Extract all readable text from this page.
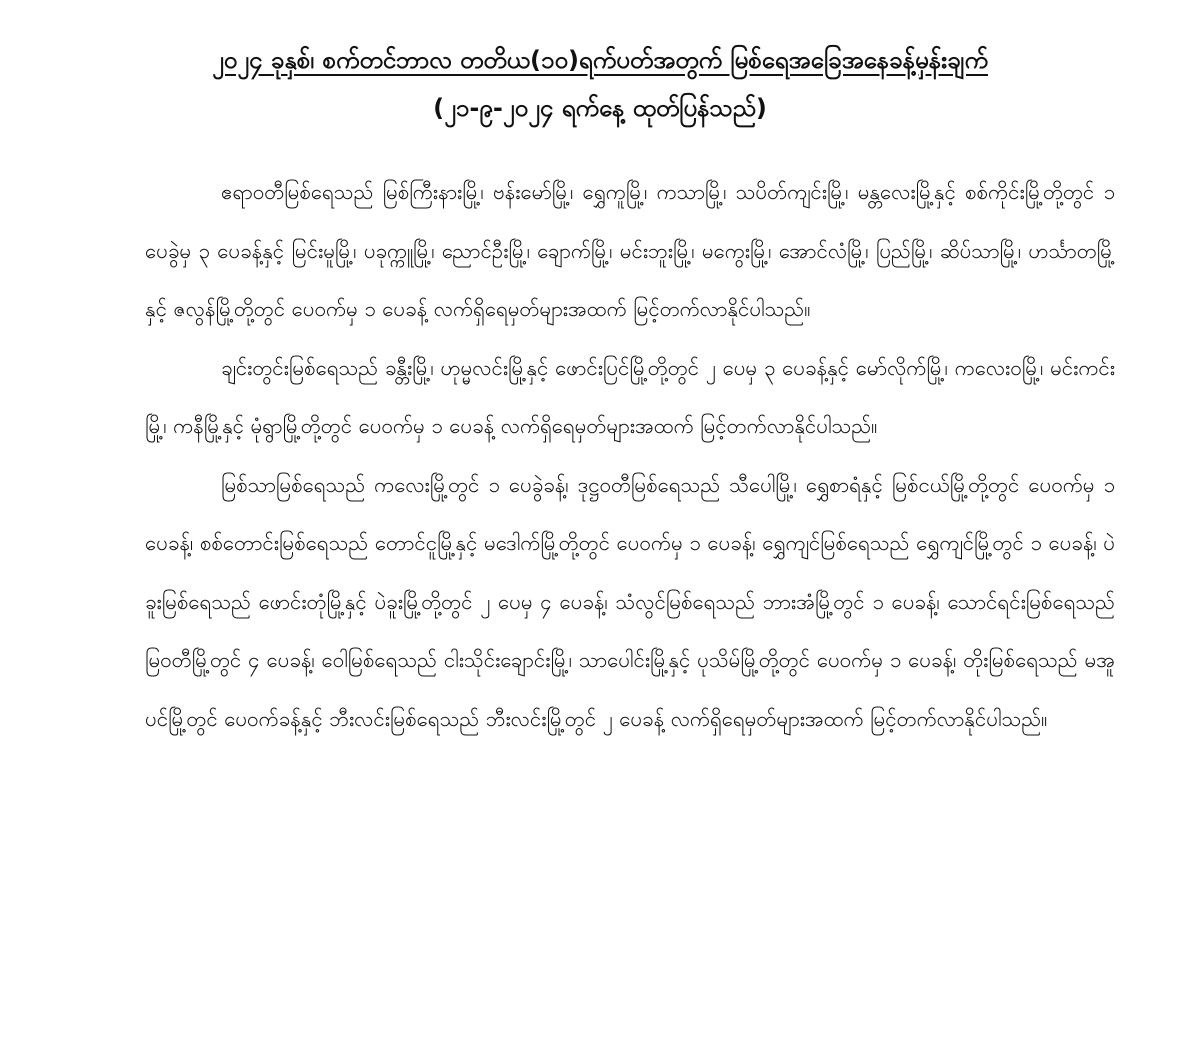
၂၀၂၄ ခုနှစ်၊ စက်တင်ဘာလ တတိယ(၁၀)ရက်ပတ်အတွက် မြစ်ရေအခြေအနေခန့်မှန်းချက်
(၂၁-၉-၂၀၂၄ ရက်နေ့ ထုတ်ပြန်သည်)

ဧရာဝတီမြစ်ရေသည် မြစ်ကြီးနားမြို့၊ ဗန်းမော်မြို့၊ ရွှေကူမြို့၊ ကသာမြို့၊ သပိတ်ကျင်းမြို့၊ မန္တလေးမြို့နှင့် စစ်ကိုင်းမြို့တို့တွင် ၁ ပေခွဲမှ ၃ ပေခန့်နှင့် မြင်းမူမြို့၊ ပခုက္ကူမြို့၊ ညောင်ဦးမြို့၊ ချောက်မြို့၊ မင်းဘူးမြို့၊ မကွေးမြို့၊ အောင်လံမြို့၊ ပြည်မြို့၊ ဆိပ်သာမြို့၊ ဟင်္သာတမြို့နှင့် ဇလွန်မြို့တို့တွင် ပေဝက်မှ ၁ ပေခန့် လက်ရှိရေမှတ်များအထက် မြင့်တက်လာနိုင်ပါသည်။

ချင်းတွင်းမြစ်ရေသည် ခန္တီးမြို့၊ ဟုမ္မလင်းမြို့နှင့် ဖောင်းပြင်မြို့တို့တွင် ၂ ပေမှ ၃ ပေခန့်နှင့် မော်လိုက်မြို့၊ ကလေးဝမြို့၊ မင်းကင်းမြို့၊ ကနီမြို့နှင့် မုံရွာမြို့တို့တွင် ပေဝက်မှ ၁ ပေခန့် လက်ရှိရေမှတ်များအထက် မြင့်တက်လာနိုင်ပါသည်။

မြစ်သာမြစ်ရေသည် ကလေးမြို့တွင် ၁ ပေခွဲခန့်၊ ဒုဋ္ဌဝတီမြစ်ရေသည် သီပေါမြို့၊ ရွှေစာရံနှင့် မြစ်ငယ်မြို့တို့တွင် ပေဝက်မှ ၁ ပေခန့်၊ စစ်တောင်းမြစ်ရေသည် တောင်ငူမြို့နှင့် မဒေါက်မြို့တို့တွင် ပေဝက်မှ ၁ ပေခန့်၊ ရွှေကျင်မြစ်ရေသည် ရွှေကျင်မြို့တွင် ၁ ပေခန့်၊ ပဲခူးမြစ်ရေသည် ဖောင်းတုံမြို့နှင့် ပဲခူးမြို့တို့တွင် ၂ ပေမှ ၄ ပေခန့်၊ သံလွင်မြစ်ရေသည် ဘားအံမြို့တွင် ၁ ပေခန့်၊ သောင်ရင်းမြစ်ရေသည် မြဝတီမြို့တွင် ၄ ပေခန့်၊ ဝေါမြစ်ရေသည် ငါးသိုင်းချောင်းမြို့၊ သာပေါင်းမြို့နှင့် ပုသိမ်မြို့တို့တွင် ပေဝက်မှ ၁ ပေခန့်၊ တိုးမြစ်ရေသည် မအူပင်မြို့တွင် ပေဝက်ခန့်နှင့် ဘီးလင်းမြစ်ရေသည် ဘီးလင်းမြို့တွင် ၂ ပေခန့် လက်ရှိရေမှတ်များအထက် မြင့်တက်လာနိုင်ပါသည်။
